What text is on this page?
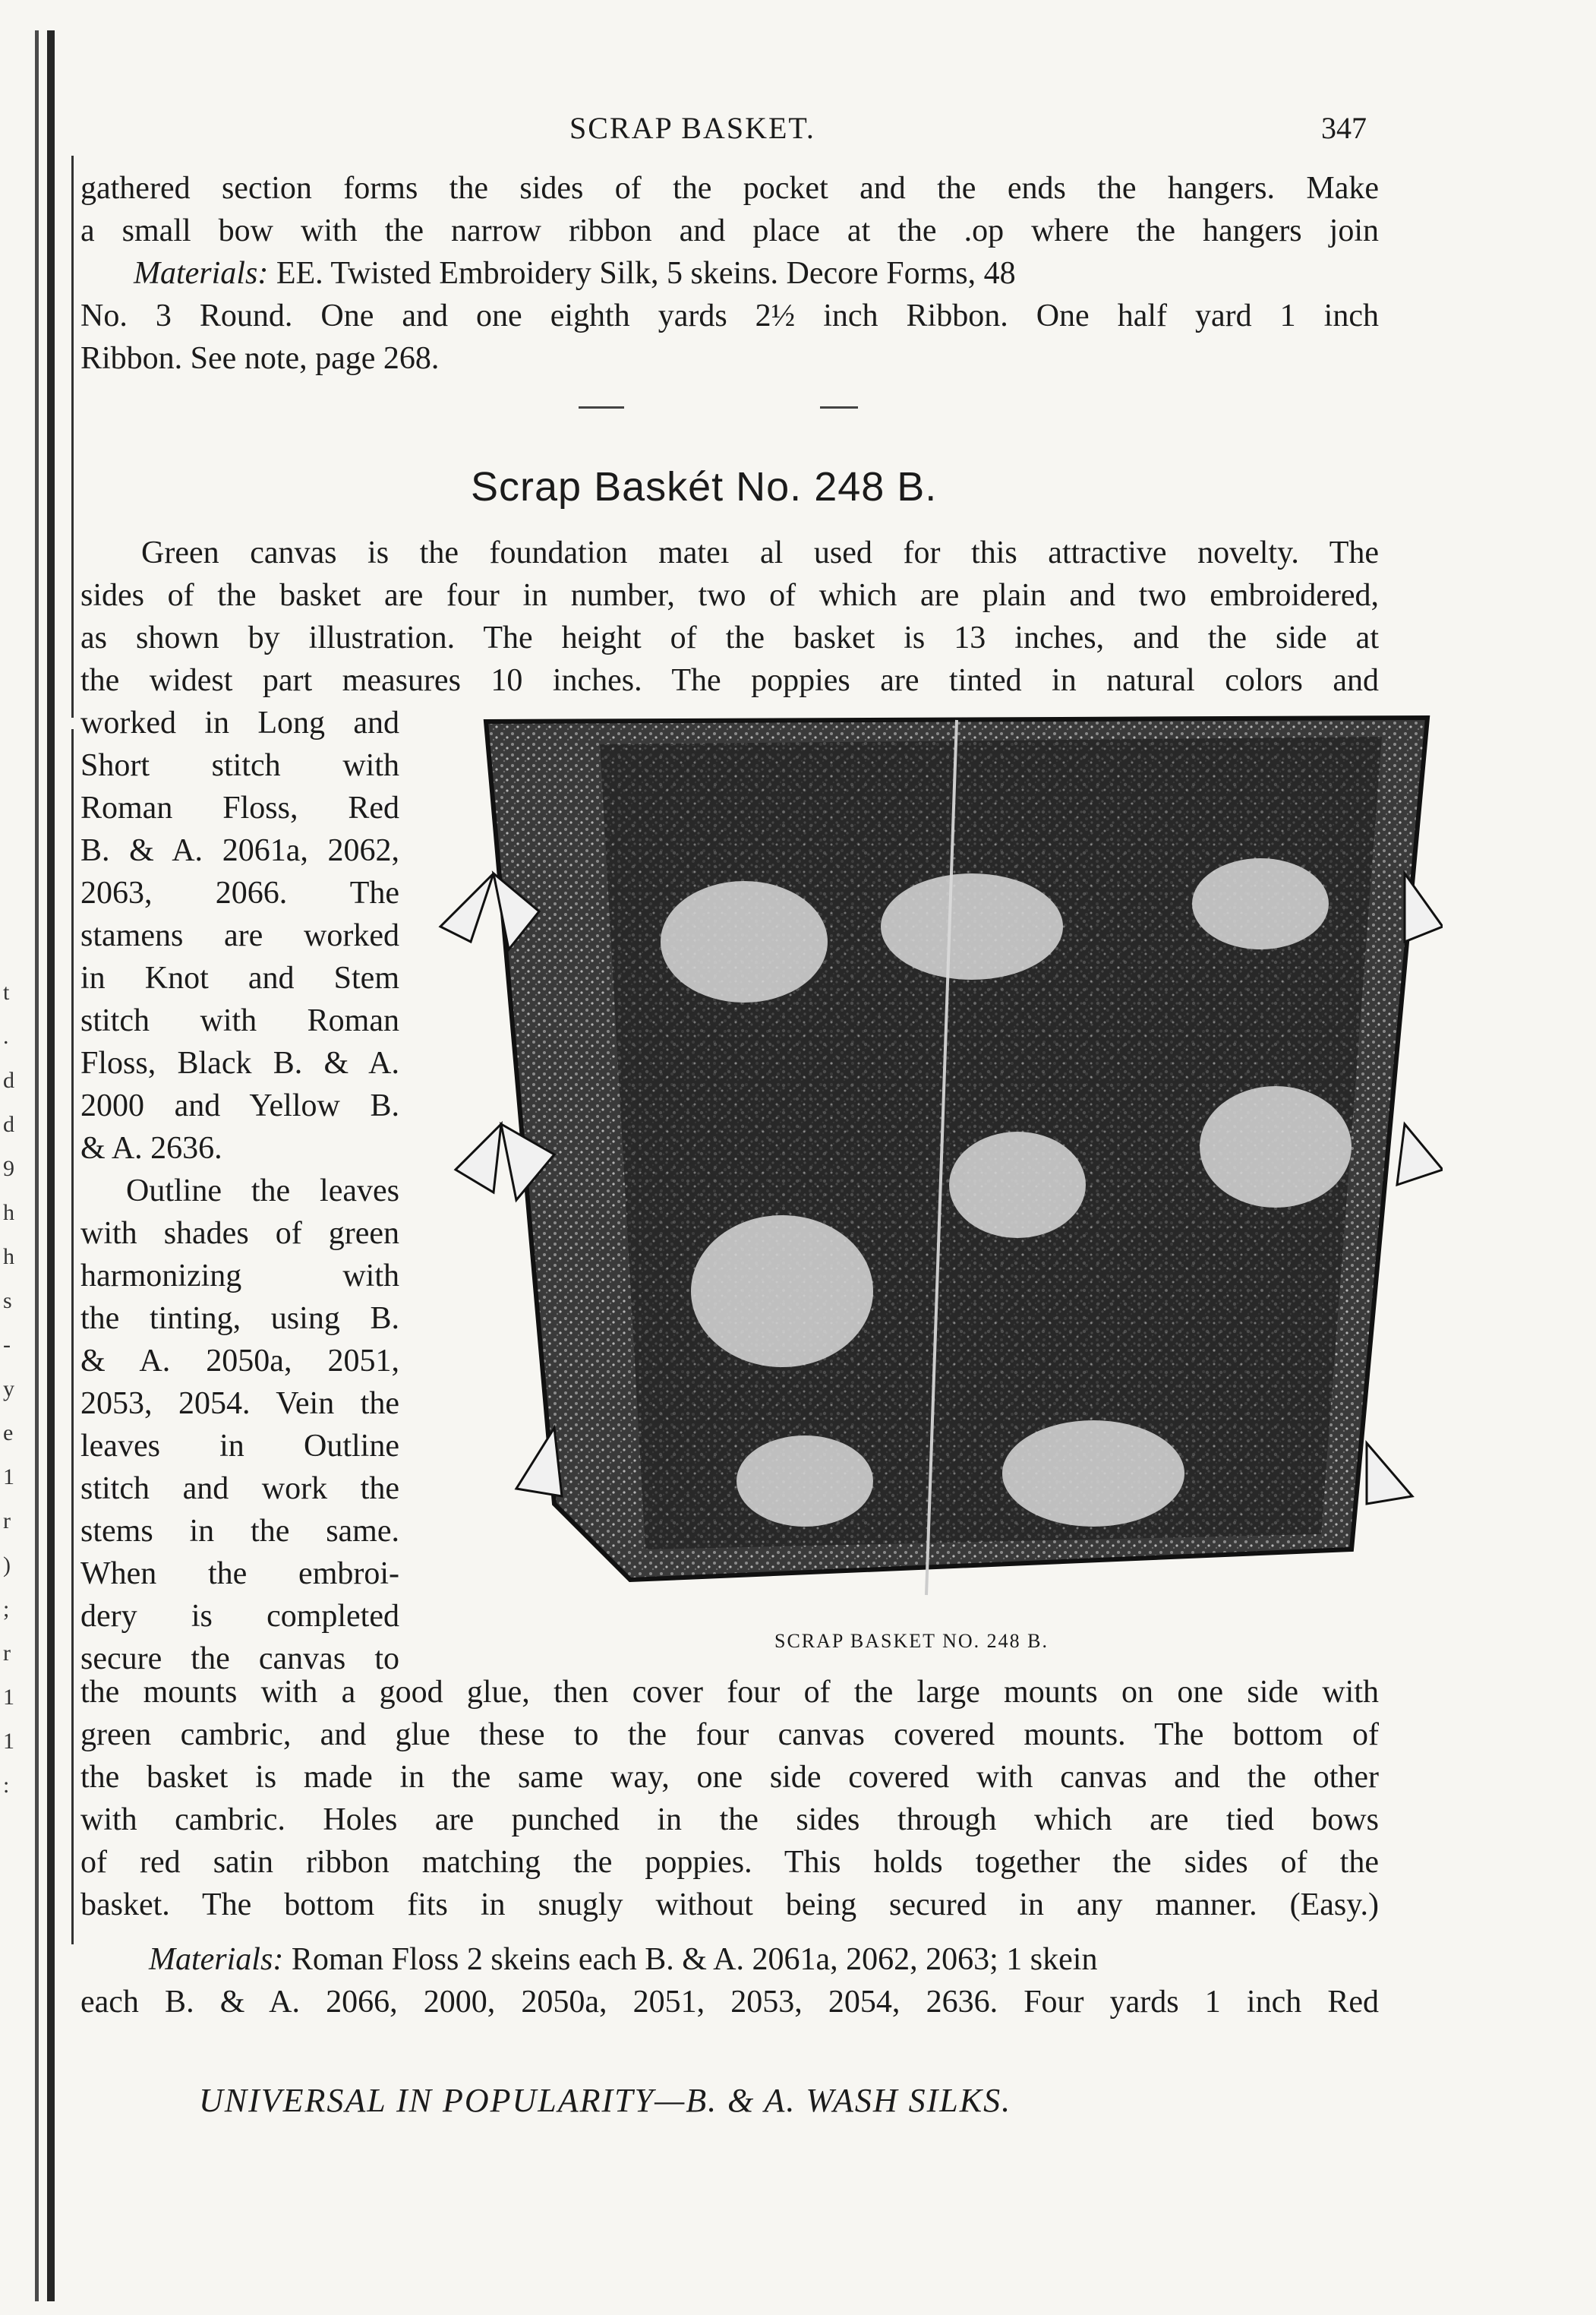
t
.
d
d
9
h
h
s
-
y
e
1
r
)
;
r
1
1
:
SCRAP BASKET.	347
gathered section forms the sides of the pocket and the ends the hangers. Make
a small bow with the narrow ribbon and place at the .op where the hangers join
Materials: EE. Twisted Embroidery Silk, 5 skeins. Decore Forms, 48
No. 3 Round. One and one eighth yards 2½ inch Ribbon. One half yard 1 inch
Ribbon. See note, page 268.
Scrap Baskét No. 248 B.
Green canvas is the foundation mateı al used for this attractive novelty. The
sides of the basket are four in number, two of which are plain and two embroidered,
as shown by illustration. The height of the basket is 13 inches, and the side at
the widest part measures 10 inches. The poppies are tinted in natural colors and
worked in Long and
Short stitch with
Roman Floss, Red
B. & A. 2061a, 2062,
2063, 2066. The
stamens are worked
in Knot and Stem
stitch with Roman
Floss, Black B. & A.
2000 and Yellow B.
& A. 2636.
Outline the leaves
with shades of green
harmonizing with
the tinting, using B.
& A. 2050a, 2051,
2053, 2054. Vein the
leaves in Outline
stitch and work the
stems in the same.
When the embroi-
dery is completed
secure the canvas to
SCRAP BASKET NO. 248 B.
the mounts with a good glue, then cover four of the large mounts on one side with
green cambric, and glue these to the four canvas covered mounts. The bottom of
the basket is made in the same way, one side covered with canvas and the other
with cambric. Holes are punched in the sides through which are tied bows
of red satin ribbon matching the poppies. This holds together the sides of the
basket. The bottom fits in snugly without being secured in any manner. (Easy.)
Materials: Roman Floss 2 skeins each B. & A. 2061a, 2062, 2063; 1 skein
each B. & A. 2066, 2000, 2050a, 2051, 2053, 2054, 2636. Four yards 1 inch Red
UNIVERSAL IN POPULARITY—B. & A. WASH SILKS.
